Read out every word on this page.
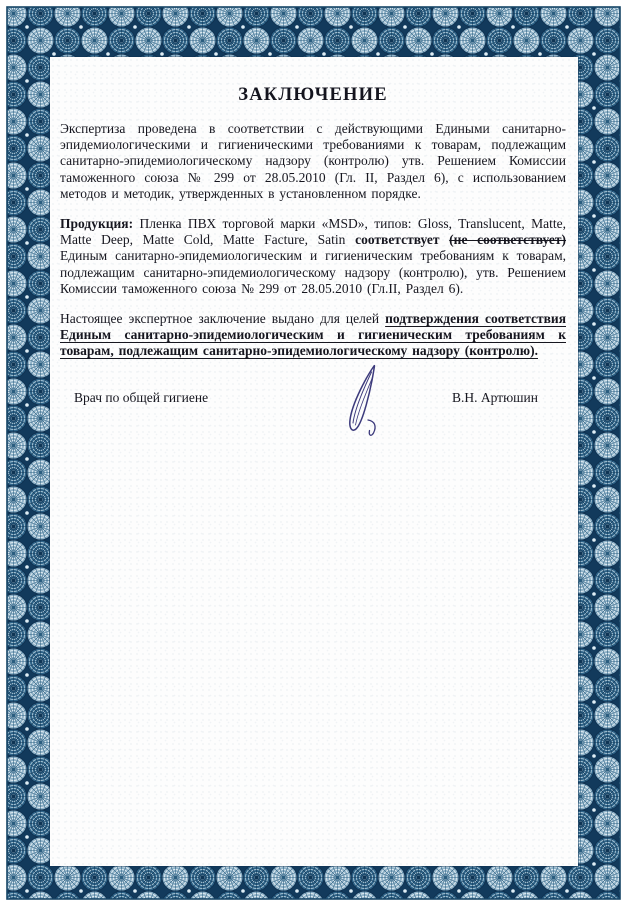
ЗАКЛЮЧЕНИЕ

Экспертиза проведена в соответствии с действующими Едиными санитарно-эпидемиологическими и гигиеническими требованиями к товарам, подлежащим санитарно-эпидемиологическому надзору (контролю) утв. Решением Комиссии таможенного союза № 299 от 28.05.2010 (Гл. II, Раздел 6), с использованием методов и методик, утвержденных в установленном порядке.

Продукция: Пленка ПВХ торговой марки «MSD», типов: Gloss, Translucent, Matte, Matte Deep, Matte Cold, Matte Facture, Satin соответствует (не соответствует) Единым санитарно-эпидемиологическим и гигиеническим требованиям к товарам, подлежащим санитарно-эпидемиологическому надзору (контролю), утв. Решением Комиссии таможенного союза № 299 от 28.05.2010 (Гл.II, Раздел 6).

Настоящее экспертное заключение выдано для целей подтверждения соответствия Единым санитарно-эпидемиологическим и гигиеническим требованиям к товарам, подлежащим санитарно-эпидемиологическому надзору (контролю).

Врач по общей гигиене	В.Н. Артюшин
